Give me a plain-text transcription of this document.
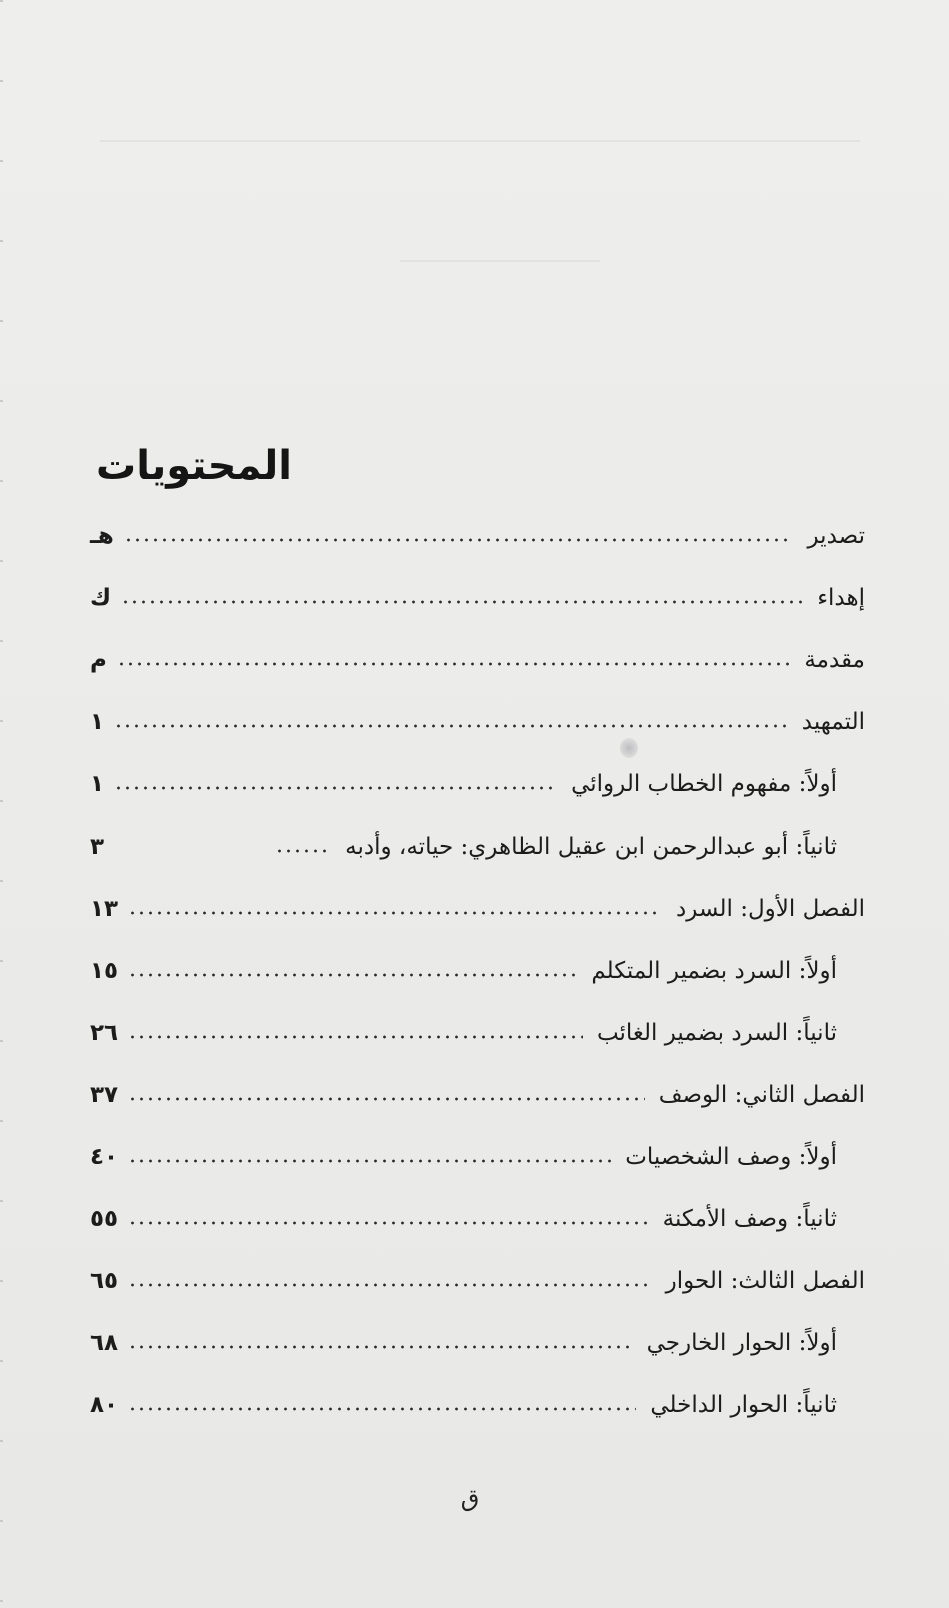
المحتويات
تصدير
هـ
إهداء
ك
مقدمة
م
التمهيد
١
أولاً: مفهوم الخطاب الروائي
١
ثانياً: أبو عبدالرحمن ابن عقيل الظاهري: حياته، وأدبه
٣
الفصل الأول: السرد
١٣
أولاً: السرد بضمير المتكلم
١٥
ثانياً: السرد بضمير الغائب
٢٦
الفصل الثاني: الوصف
٣٧
أولاً: وصف الشخصيات
٤٠
ثانياً: وصف الأمكنة
٥٥
الفصل الثالث: الحوار
٦٥
أولاً: الحوار الخارجي
٦٨
ثانياً: الحوار الداخلي
٨٠
ق
